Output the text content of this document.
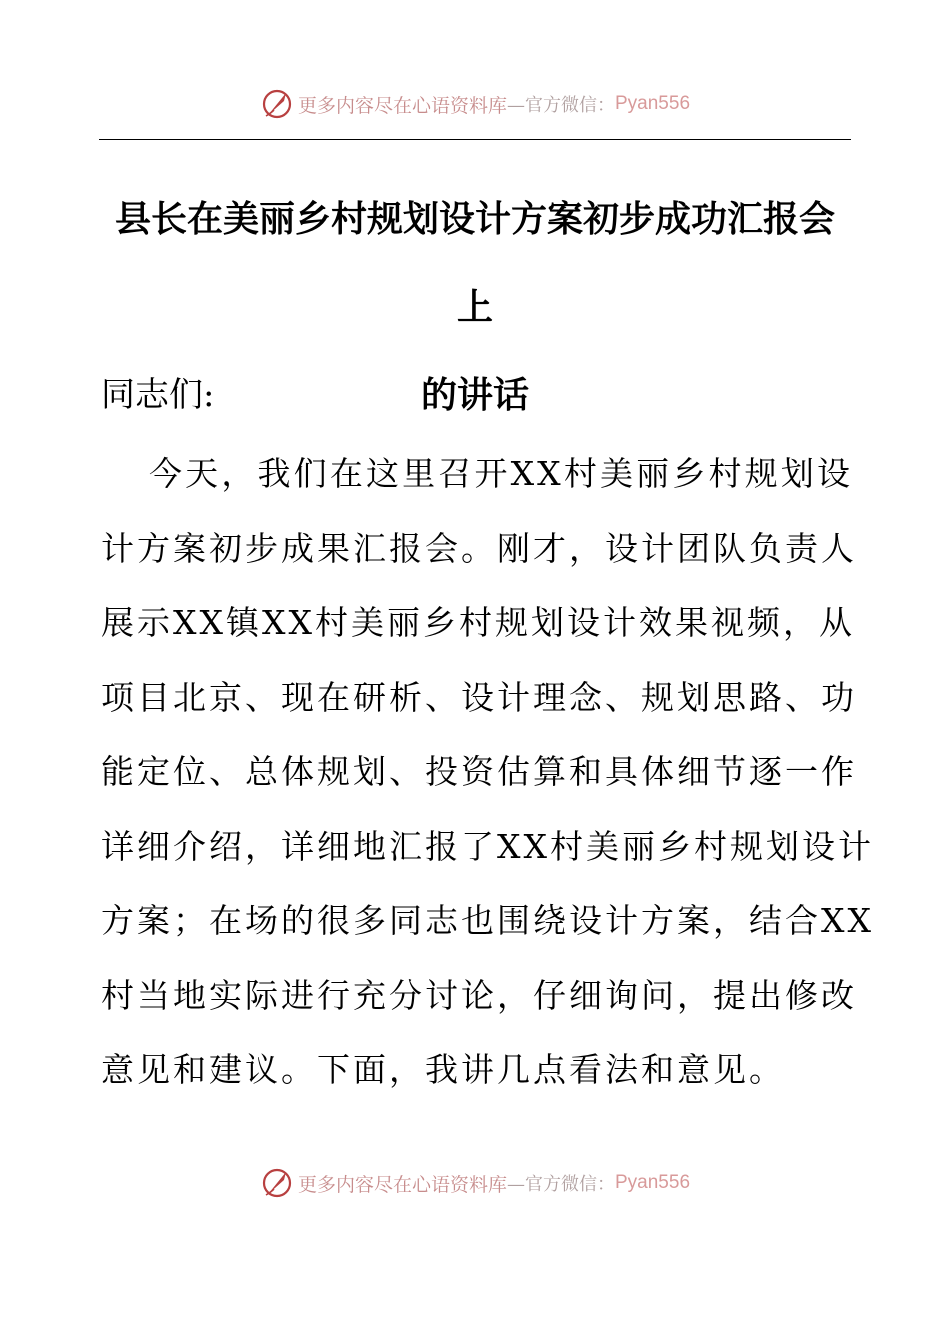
更多内容尽在心语资料库 —官方微信： Pyan556
县长在美丽乡村规划设计方案初步成功汇报会上
的讲话

同志们:

今天，我们在这里召开XX村美丽乡村规划设
计方案初步成果汇报会。刚才，设计团队负责人
展示XX镇XX村美丽乡村规划设计效果视频，从
项目北京、现在研析、设计理念、规划思路、功
能定位、总体规划、投资估算和具体细节逐一作
详细介绍，详细地汇报了XX村美丽乡村规划设计
方案；在场的很多同志也围绕设计方案，结合XX
村当地实际进行充分讨论，仔细询问，提出修改
意见和建议。下面，我讲几点看法和意见。
更多内容尽在心语资料库 —官方微信： Pyan556
